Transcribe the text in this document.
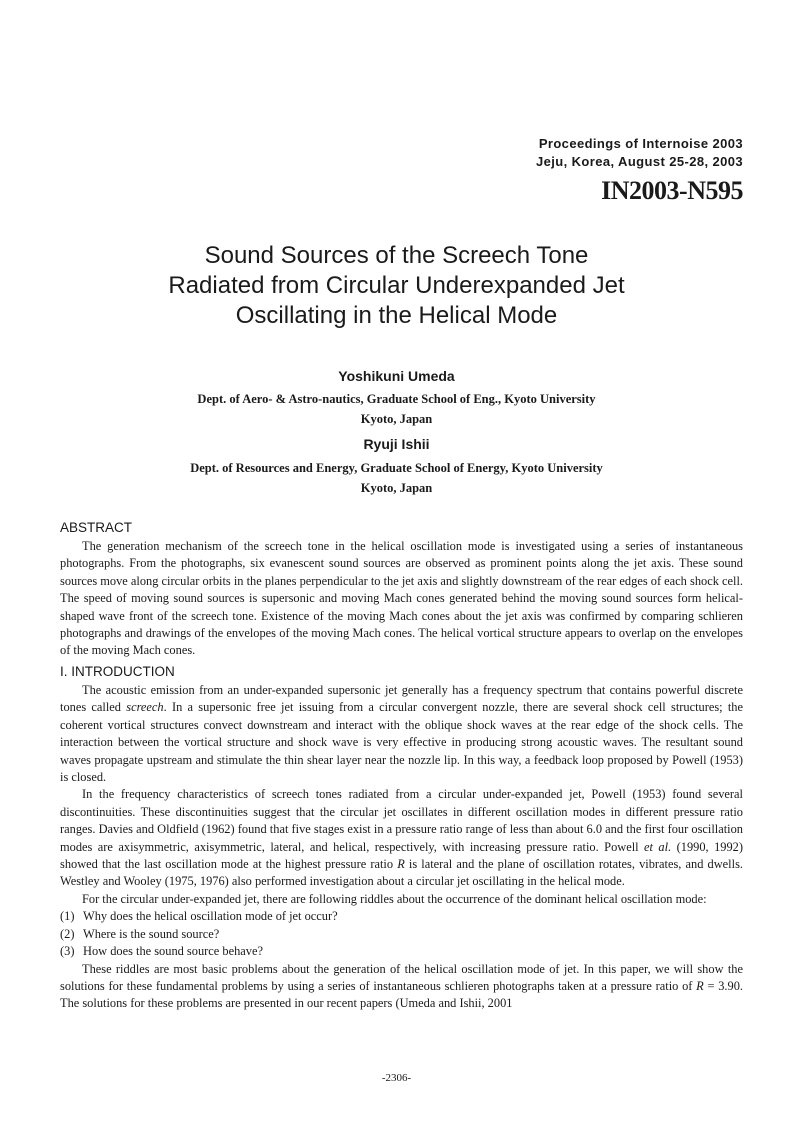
Proceedings of Internoise 2003
Jeju, Korea, August 25-28, 2003
IN2003-N595
Sound Sources of the Screech Tone
Radiated from Circular Underexpanded Jet
Oscillating in the Helical Mode
Yoshikuni Umeda
Dept. of Aero- & Astro-nautics, Graduate School of Eng., Kyoto University
Kyoto, Japan
Ryuji Ishii
Dept. of Resources and Energy, Graduate School of Energy, Kyoto University
Kyoto, Japan
ABSTRACT

The generation mechanism of the screech tone in the helical oscillation mode is investigated using a series of instantaneous photographs. From the photographs, six evanescent sound sources are observed as prominent points along the jet axis. These sound sources move along circular orbits in the planes perpendicular to the jet axis and slightly downstream of the rear edges of each shock cell. The speed of moving sound sources is supersonic and moving Mach cones generated behind the moving sound sources form helical-shaped wave front of the screech tone. Existence of the moving Mach cones about the jet axis was confirmed by comparing schlieren photographs and drawings of the envelopes of the moving Mach cones. The helical vortical structure appears to overlap on the envelopes of the moving Mach cones.

I. INTRODUCTION

The acoustic emission from an under-expanded supersonic jet generally has a frequency spectrum that contains powerful discrete tones called screech. In a supersonic free jet issuing from a circular convergent nozzle, there are several shock cell structures; the coherent vortical structures convect downstream and interact with the oblique shock waves at the rear edge of the shock cells. The interaction between the vortical structure and shock wave is very effective in producing strong acoustic waves. The resultant sound waves propagate upstream and stimulate the thin shear layer near the nozzle lip. In this way, a feedback loop proposed by Powell (1953) is closed.

In the frequency characteristics of screech tones radiated from a circular under-expanded jet, Powell (1953) found several discontinuities. These discontinuities suggest that the circular jet oscillates in different oscillation modes in different pressure ratio ranges. Davies and Oldfield (1962) found that five stages exist in a pressure ratio range of less than about 6.0 and the first four oscillation modes are axisymmetric, axisymmetric, lateral, and helical, respectively, with increasing pressure ratio. Powell et al. (1990, 1992) showed that the last oscillation mode at the highest pressure ratio R is lateral and the plane of oscillation rotates, vibrates, and dwells. Westley and Wooley (1975, 1976) also performed investigation about a circular jet oscillating in the helical mode.

For the circular under-expanded jet, there are following riddles about the occurrence of the dominant helical oscillation mode:

(1) Why does the helical oscillation mode of jet occur?

(2) Where is the sound source?

(3) How does the sound source behave?

These riddles are most basic problems about the generation of the helical oscillation mode of jet. In this paper, we will show the solutions for these fundamental problems by using a series of instantaneous schlieren photographs taken at a pressure ratio of R = 3.90. The solutions for these problems are presented in our recent papers (Umeda and Ishii, 2001

-2306-
